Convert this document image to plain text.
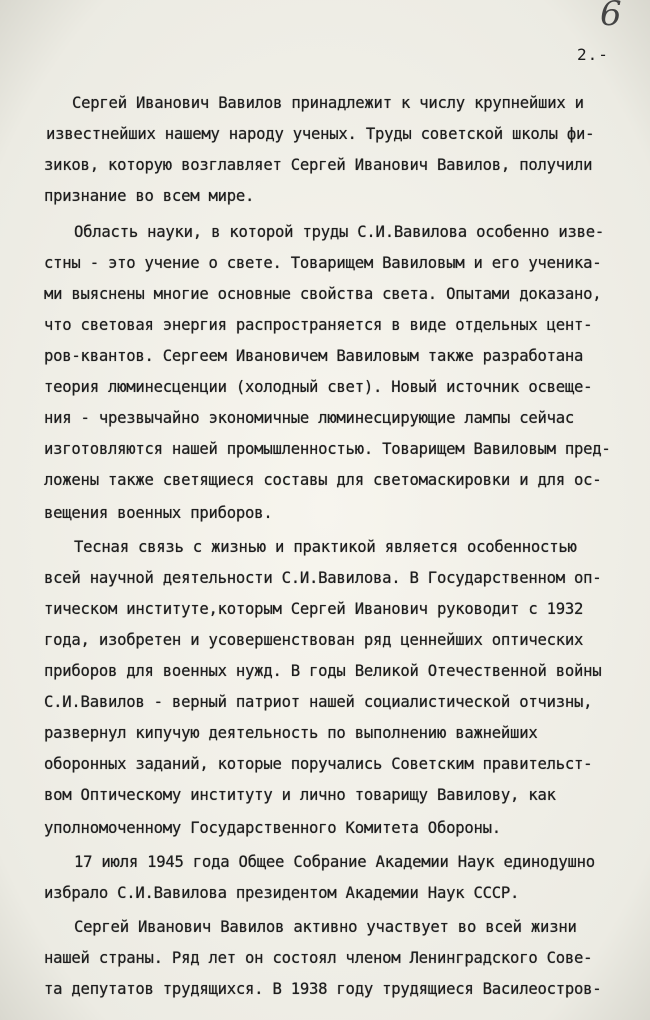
6
2.-
Сергей Иванович Вавилов принадлежит к числу крупнейших и
известнейших нашему народу ученых. Труды советской школы фи-
зиков, которую возглавляет Сергей Иванович Вавилов, получили
признание во всем мире.
Область науки, в которой труды С.И.Вавилова особенно изве-
стны - это учение о свете. Товарищем Вавиловым и его ученика-
ми выяснены многие основные свойства света. Опытами доказано,
что световая энергия распространяется в виде отдельных цент-
ров-квантов. Сергеем Ивановичем Вавиловым также разработана
теория люминесценции (холодный свет). Новый источник освеще-
ния - чрезвычайно экономичные люминесцирующие лампы сейчас
изготовляются нашей промышленностью. Товарищем Вавиловым пред-
ложены также светящиеся составы для светомаскировки и для ос-
вещения военных приборов.
Тесная связь с жизнью и практикой является особенностью
всей научной деятельности С.И.Вавилова. В Государственном оп-
тическом институте,которым Сергей Иванович руководит с 1932
года, изобретен и усовершенствован ряд ценнейших оптических
приборов для военных нужд. В годы Великой Отечественной войны
С.И.Вавилов - верный патриот нашей социалистической отчизны,
развернул кипучую деятельность по выполнению важнейших
оборонных заданий, которые поручались Советским правительст-
вом Оптическому институту и лично товарищу Вавилову, как
уполномоченному Государственного Комитета Обороны.
17 июля 1945 года Общее Собрание Академии Наук единодушно
избрало С.И.Вавилова президентом Академии Наук СССР.
Сергей Иванович Вавилов активно участвует во всей жизни
нашей страны. Ряд лет он состоял членом Ленинградского Сове-
та депутатов трудящихся. В 1938 году трудящиеся Василеостров-
